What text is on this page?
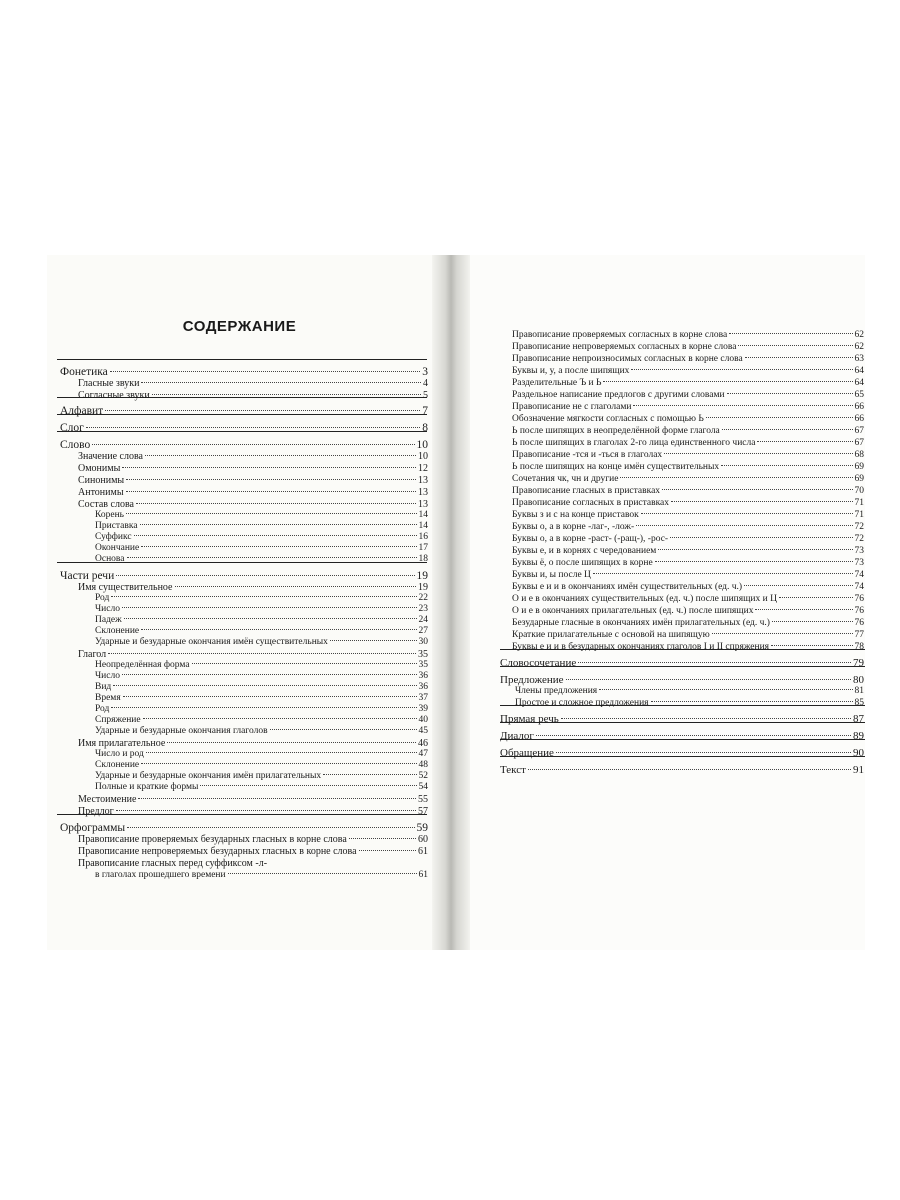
СОДЕРЖАНИЕ
Фонетика	3
Гласные звуки	4
Согласные звуки	5
Алфавит	7
Слог	8
Слово	10
Значение слова	10
Омонимы	12
Синонимы	13
Антонимы	13
Состав слова	13
Корень	14
Приставка	14
Суффикс	16
Окончание	17
Основа	18
Части речи	19
Имя существительное	19
Род	22
Число	23
Падеж	24
Склонение	27
Ударные и безударные окончания имён существительных	30
Глагол	35
Неопределённая форма	35
Число	36
Вид	36
Время	37
Род	39
Спряжение	40
Ударные и безударные окончания глаголов	45
Имя прилагательное	46
Число и род	47
Склонение	48
Ударные и безударные окончания имён прилагательных	52
Полные и краткие формы	54
Местоимение	55
Предлог	57
Орфограммы	59
Правописание проверяемых безударных гласных в корне слова	60
Правописание непроверяемых безударных гласных в корне слова	61
Правописание гласных перед суффиксом -л-
в глаголах прошедшего времени	61
Правописание проверяемых согласных в корне слова	62
Правописание непроверяемых согласных в корне слова	62
Правописание непроизносимых согласных в корне слова	63
Буквы и, у, а после шипящих	64
Разделительные Ъ и Ь	64
Раздельное написание предлогов с другими словами	65
Правописание не с глаголами	66
Обозначение мягкости согласных с помощью Ь	66
Ь после шипящих в неопределённой форме глагола	67
Ь после шипящих в глаголах 2-го лица единственного числа	67
Правописание -тся и -ться в глаголах	68
Ь после шипящих на конце имён существительных	69
Сочетания чк, чн и другие	69
Правописание гласных в приставках	70
Правописание согласных в приставках	71
Буквы з и с на конце приставок	71
Буквы о, а в корне -лаг-, -лож-	72
Буквы о, а в корне -раст- (-ращ-), -рос-	72
Буквы е, и в корнях с чередованием	73
Буквы ё, о после шипящих в корне	73
Буквы и, ы после Ц	74
Буквы е и и в окончаниях имён существительных (ед. ч.)	74
О и е в окончаниях существительных (ед. ч.) после шипящих и Ц	76
О и е в окончаниях прилагательных (ед. ч.) после шипящих	76
Безударные гласные в окончаниях имён прилагательных (ед. ч.)	76
Краткие прилагательные с основой на шипящую	77
Буквы е и и в безударных окончаниях глаголов I и II спряжения	78
Словосочетание	79
Предложение	80
Члены предложения	81
Простое и сложное предложения	85
Прямая речь	87
Диалог	89
Обращение	90
Текст	91
